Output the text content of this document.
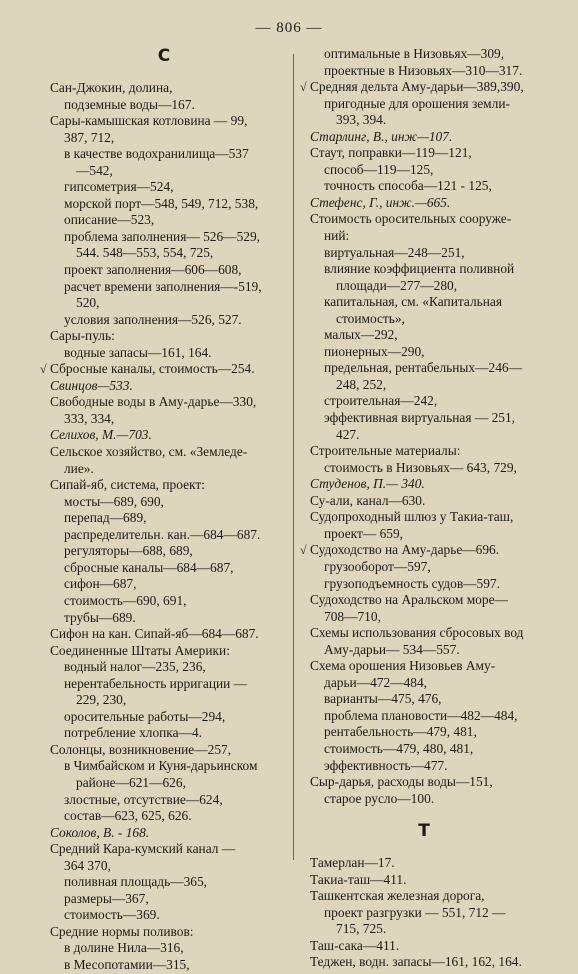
— 806 —
С
Сан-Джокин, долина,
подземные воды—167.
Сары-камышская котловина — 99,
387, 712,
в качестве водохранилища—537
—542,
гипсометрия—524,
морской порт—548, 549, 712, 538,
описание—523,
проблема заполнения— 526—529,
544. 548—553, 554, 725,
проект заполнения—606—608,
расчет времени заполнения—-519,
520,
условия заполнения—526, 527.
Сары-пуль:
водные запасы—161, 164.
√ Сбросные каналы, стоимость—254.
Свинцов—533.
Свободные воды в Аму-дарье—330,
333, 334,
Селихов, М.—703.
Сельское хозяйство, см. «Земледе-
лие».
Сипай-яб, система, проект:
мосты—689, 690,
перепад—689,
распределительн. кан.—684—687.
регуляторы—688, 689,
сбросные каналы—684—687,
сифон—687,
стоимость—690, 691,
трубы—689.
Сифон на кан. Сипай-яб—684—687.
Соединенные Штаты Америки:
водный налог—235, 236,
нерентабельность ирригации —
229, 230,
оросительные работы—294,
потребление хлопка—4.
Солонцы, возникновение—257,
в Чимбайском и Куня-дарьинском
районе—621—626,
злостные, отсутствие—624,
состав—623, 625, 626.
Соколов, В. - 168.
Средний Кара-кумский канал —
364 370,
поливная площадь—365,
размеры—367,
стоимость—369.
Средние нормы поливов:
в долине Нила—316,
в Месопотамии—315,
оптимальные в Низовьях—309,
проектные в Низовьях—310—317.
√ Средняя дельта Аму-дарьи—389,390,
пригодные для орошения земли-
393, 394.
Старлинг, В., инж—107.
Стаут, поправки—119—121,
способ—119—125,
точность способа—121 - 125,
Стефенс, Г., инж.—665.
Стоимость оросительных сооруже-
ний:
виртуальная—248—251,
влияние коэффициента поливной
площади—277—280,
капитальная, см. «Капитальная
стоимость»,
малых—292,
пионерных—290,
предельная, рентабельных—246—
248, 252,
строительная—242,
эффективная виртуальная — 251,
427.
Строительные материалы:
стоимость в Низовьях— 643, 729,
Студенов, П.— 340.
Су-али, канал—630.
Судопроходный шлюз у Такиа-таш,
проект— 659,
√ Судоходство на Аму-дарье—696.
грузооборот—597,
грузоподъемность судов—597.
Судоходство на Аральском море—
708—710,
Схемы использования сбросовых вод
Аму-дарьи— 534—557.
Схема орошения Низовьев Аму-
дарьи—472—484,
варианты—475, 476,
проблема плановости—482—484,
рентабельность—479, 481,
стоимость—479, 480, 481,
эффективность—477.
Сыр-дарья, расходы воды—151,
старое русло—100.
Т
Тамерлан—17.
Такиа-таш—411.
Ташкентская железная дорога,
проект разгрузки — 551, 712 —
715, 725.
Таш-сака—411.
Теджен, водн. запасы—161, 162, 164.
